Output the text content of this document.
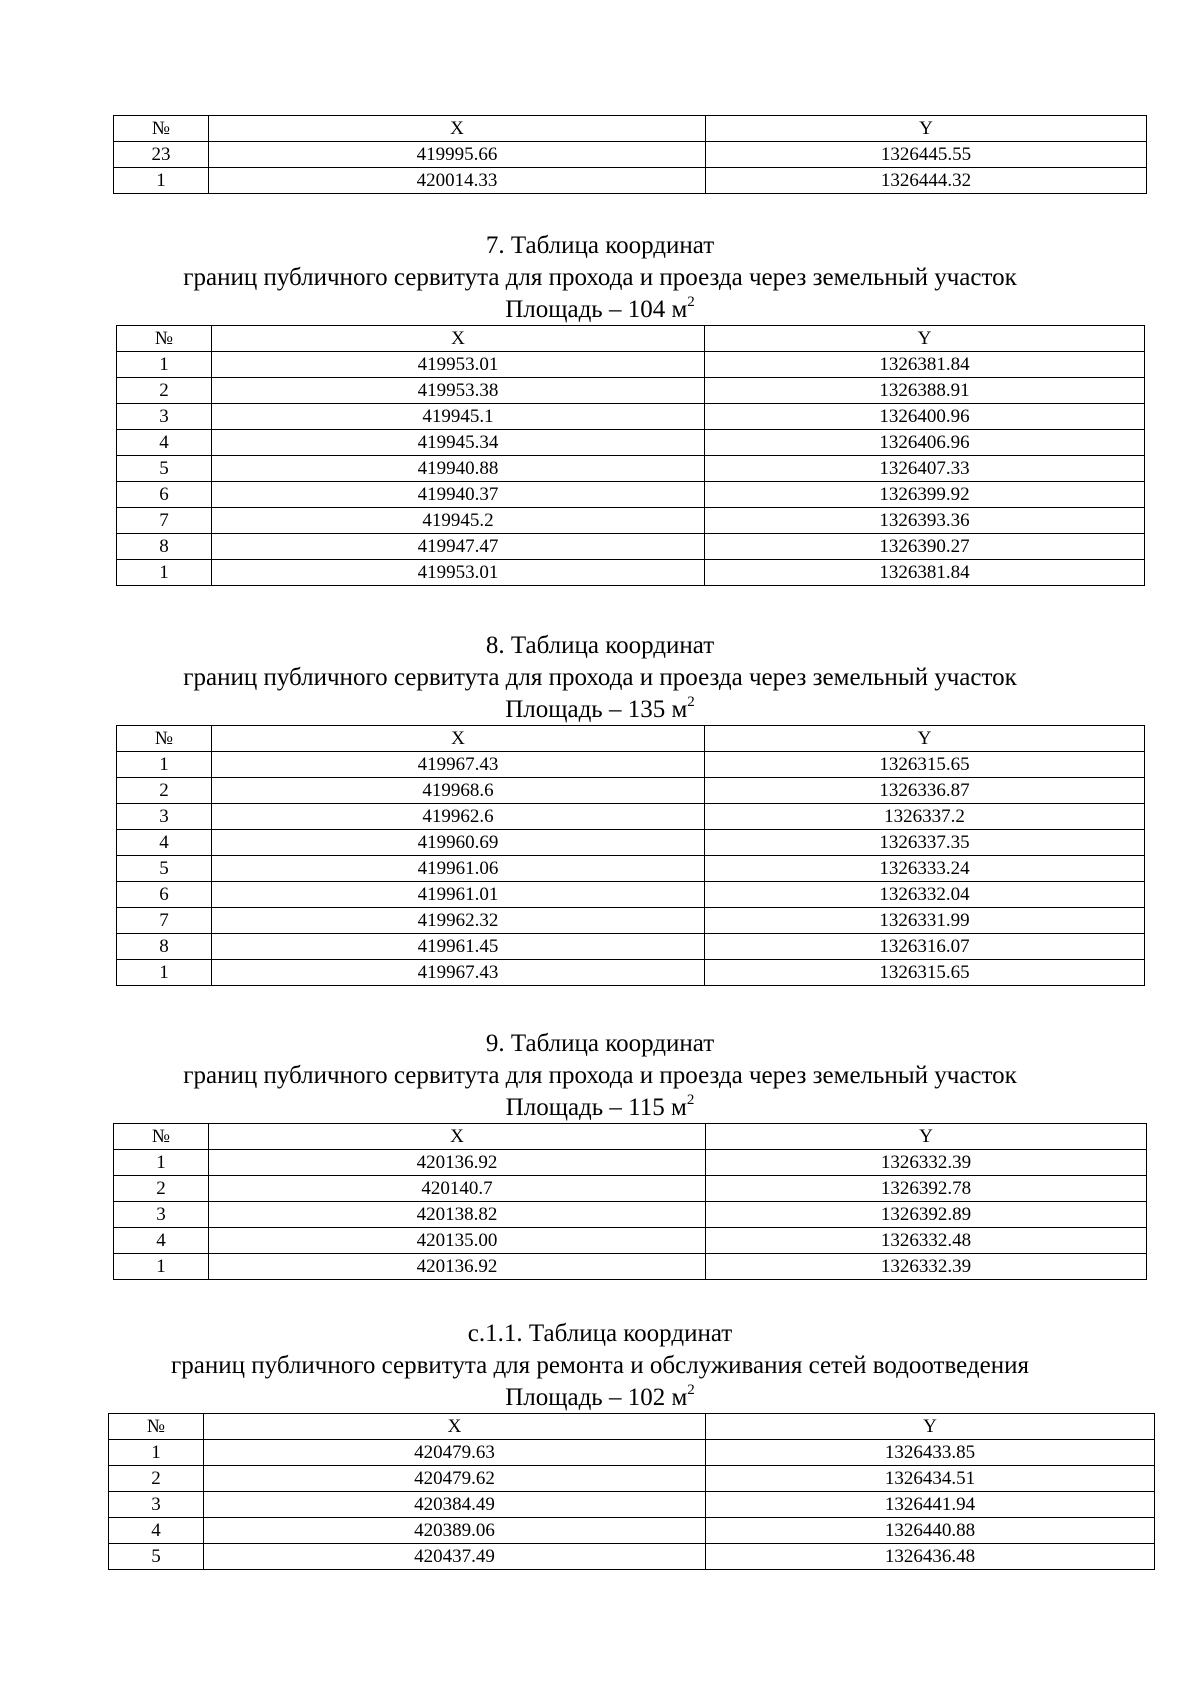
№	X	Y
23	419995.66	1326445.55
1	420014.33	1326444.32
7. Таблица координат
границ публичного сервитута для прохода и проезда через земельный участок
Площадь – 104 $м^2$
№	X	Y
1	419953.01	1326381.84
2	419953.38	1326388.91
3	419945.1	1326400.96
4	419945.34	1326406.96
5	419940.88	1326407.33
6	419940.37	1326399.92
7	419945.2	1326393.36
8	419947.47	1326390.27
1	419953.01	1326381.84
8. Таблица координат
границ публичного сервитута для прохода и проезда через земельный участок
Площадь – 135 $м^2$
№	X	Y
1	419967.43	1326315.65
2	419968.6	1326336.87
3	419962.6	1326337.2
4	419960.69	1326337.35
5	419961.06	1326333.24
6	419961.01	1326332.04
7	419962.32	1326331.99
8	419961.45	1326316.07
1	419967.43	1326315.65
9. Таблица координат
границ публичного сервитута для прохода и проезда через земельный участок
Площадь – 115 $м^2$
№	X	Y
1	420136.92	1326332.39
2	420140.7	1326392.78
3	420138.82	1326392.89
4	420135.00	1326332.48
1	420136.92	1326332.39
с.1.1. Таблица координат
границ публичного сервитута для ремонта и обслуживания сетей водоотведения
Площадь – 102 $м^2$
№	X	Y
1	420479.63	1326433.85
2	420479.62	1326434.51
3	420384.49	1326441.94
4	420389.06	1326440.88
5	420437.49	1326436.48
